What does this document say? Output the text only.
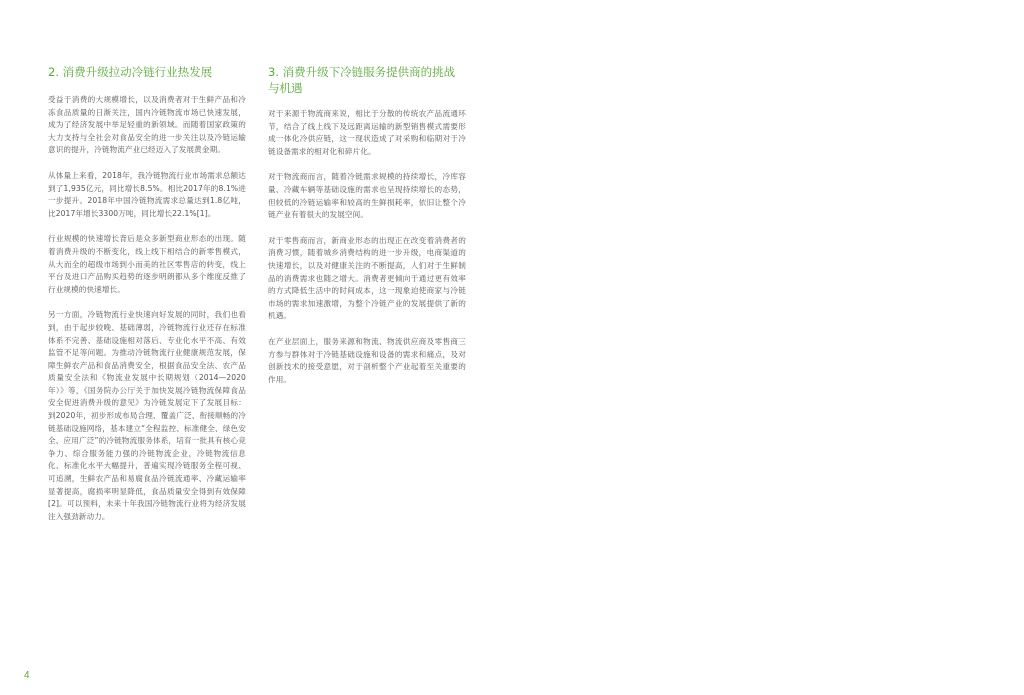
2. 消费升级拉动冷链行业热发展

受益于消费的大规模增长，以及消费者对于生鲜产品和冷冻食品质量的日渐关注，国内冷链物流市场已快速发展，成为了经济发展中举足轻重的新领域。而随着国家政策的大力支持与全社会对食品安全的进一步关注以及冷链运输意识的提升，冷链物流产业已经迈入了发展黄金期。

从体量上来看，2018年，我冷链物流行业市场需求总额达到了1,935亿元，同比增长8.5%。相比2017年的8.1%进一步提升。2018年中国冷链物流需求总量达到1.8亿吨，比2017年增长3300万吨，同比增长22.1%[1]。

行业规模的快速增长背后是众多新型商业形态的出现。随着消费升级的不断变化，线上线下相结合的新零售模式，从大而全的超级市场到小而美的社区零售店的转变，线上平台及进口产品购买趋势的逐步明朗都从多个维度反推了行业规模的快速增长。

另一方面，冷链物流行业快速向好发展的同时，我们也看到，由于起步较晚、基础薄弱，冷链物流行业还存在标准体系不完善、基础设施相对落后、专业化水平不高、有效监管不足等问题。为推动冷链物流行业健康规范发展，保障生鲜农产品和食品消费安全，根据食品安全法、农产品质量安全法和《物流业发展中长期规划（2014—2020年）》等，《国务院办公厅关于加快发展冷链物流保障食品安全促进消费升级的意见》为冷链发展定下了发展目标：到2020年，初步形成布局合理、覆盖广泛、衔接顺畅的冷链基础设施网络，基本建立“全程监控、标准健全、绿色安全、应用广泛”的冷链物流服务体系，培育一批具有核心竞争力、综合服务能力强的冷链物流企业，冷链物流信息化、标准化水平大幅提升，普遍实现冷链服务全程可视、可追溯，生鲜农产品和易腐食品冷链流通率、冷藏运输率显著提高，腐损率明显降低，食品质量安全得到有效保障[2]。可以预料，未来十年我国冷链物流行业将为经济发展注入强劲新动力。

3. 消费升级下冷链服务提供商的挑战与机遇

对于来源于物流商来说，相比于分散的传统农产品流通环节，结合了线上线下及远距离运输的新型销售模式需要形成一体化冷供应链，这一现状造成了对采购和临期对于冷链设备需求的相对化和碎片化。

对于物流商而言，随着冷链需求规模的持续增长，冷库容量、冷藏车辆等基础设施的需求也呈现持续增长的态势，但较低的冷链运输率和较高的生鲜损耗率，依旧让整个冷链产业有着很大的发展空间。

对于零售商而言，新商业形态的出现正在改变着消费者的消费习惯，随着城乡消费结构的进一步升级，电商渠道的快速增长，以及对健康关注的不断提高，人们对于生鲜制品的消费需求也随之增大。消费者更倾向于通过更有效率的方式降低生活中的时间成本，这一现象迫使商家与冷链市场的需求加速激增，为整个冷链产业的发展提供了新的机遇。

在产业层面上，服务来源和物流、物流供应商及零售商三方参与群体对于冷链基础设施和设备的需求和痛点，及对创新技术的接受意愿，对于剖析整个产业起着至关重要的作用。

4
